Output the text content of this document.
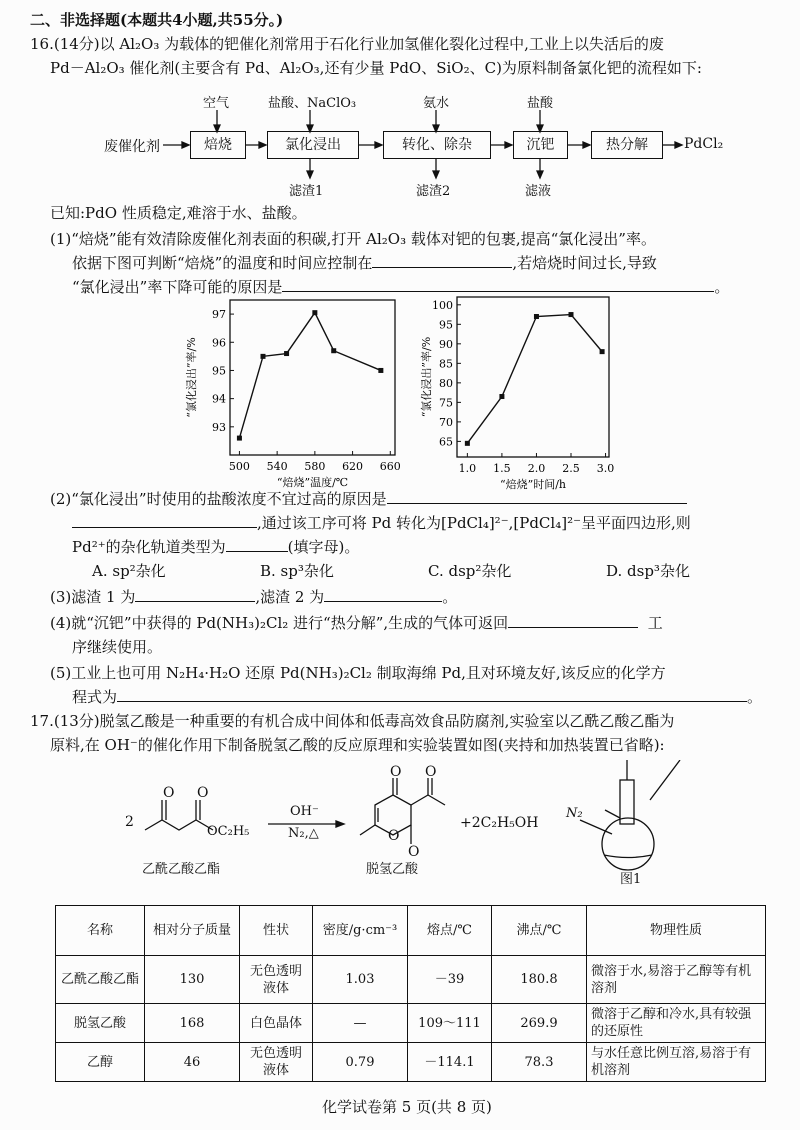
二、非选择题(本题共4小题,共55分。)
16.(14分)以 Al₂O₃ 为载体的钯催化剂常用于石化行业加氢催化裂化过程中,工业上以失活后的废
Pd－Al₂O₃ 催化剂(主要含有 Pd、Al₂O₃,还有少量 PdO、SiO₂、C)为原料制备氯化钯的流程如下:
废催化剂	焙烧	氯化浸出	转化、除杂	沉钯	热分解	PdCl₂
空气	盐酸、NaClO₃	氨水	盐酸
滤渣1	滤渣2	滤液
已知:PdO 性质稳定,难溶于水、盐酸。
(1)“焙烧”能有效清除废催化剂表面的积碳,打开 Al₂O₃ 载体对钯的包裹,提高“氯化浸出”率。
依据下图可判断“焙烧”的温度和时间应控制在	,若焙烧时间过长,导致
“氯化浸出”率下降可能的原因是	。
500 540 580 620 660
93
94
95
96
97
“焙烧”温度/℃
“氯化浸出”率/%
1.0 1.5 2.0 2.5 3.0
65
70
75
80
85
90
95
100
“焙烧”时间/h
“氯化浸出”率/%
(2)“氯化浸出”时使用的盐酸浓度不宜过高的原因是
,通过该工序可将 Pd 转化为[PdCl₄]²⁻,[PdCl₄]²⁻呈平面四边形,则
Pd²⁺的杂化轨道类型为	(填字母)。
A. sp²杂化	B. sp³杂化	C. dsp²杂化	D. dsp³杂化
(3)滤渣 1 为	,滤渣 2 为	。
(4)就“沉钯”中获得的 Pd(NH₃)₂Cl₂ 进行“热分解”,生成的气体可返回	工
序继续使用。
(5)工业上也可用 N₂H₄·H₂O 还原 Pd(NH₃)₂Cl₂ 制取海绵 Pd,且对环境友好,该反应的化学方
程式为	。
17.(13分)脱氢乙酸是一种重要的有机合成中间体和低毒高效食品防腐剂,实验室以乙酰乙酸乙酯为
原料,在 OH⁻的催化作用下制备脱氢乙酸的反应原理和实验装置如图(夹持和加热装置已省略):
O O
O O
O
O
2
OC₂H₅
OH⁻
N₂,△
+2C₂H₅OH
N₂
乙酰乙酸乙酯	脱氢乙酸
图1
名称	相对分子质量	性状	密度/g·cm⁻³	熔点/℃	沸点/℃	物理性质
乙酰乙酸乙酯	130	无色透明液体	1.03	－39	180.8	微溶于水,易溶于乙醇等有机溶剂
脱氢乙酸	168	白色晶体	—	109～111	269.9	微溶于乙醇和冷水,具有较强的还原性
乙醇	46	无色透明液体	0.79	－114.1	78.3	与水任意比例互溶,易溶于有机溶剂
化学试卷第 5 页(共 8 页)
